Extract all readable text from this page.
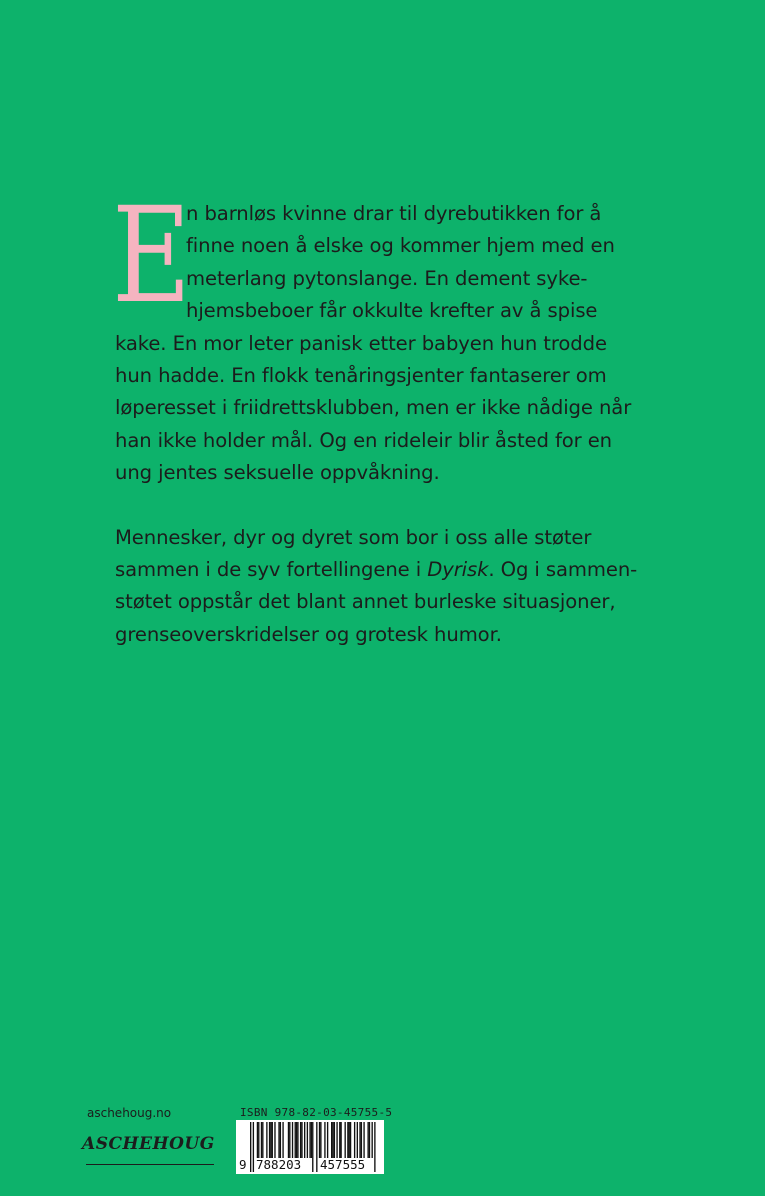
E

n barnløs kvinne drar til dyrebutikken for å

finne noen å elske og kommer hjem med en

meterlang pytonslange. En dement syke-

hjemsbeboer får okkulte krefter av å spise

kake. En mor leter panisk etter babyen hun trodde

hun hadde. En flokk tenåringsjenter fantaserer om

løperesset i friidrettsklubben, men er ikke nådige når

han ikke holder mål. Og en rideleir blir åsted for en

ung jentes seksuelle oppvåkning.

Mennesker, dyr og dyret som bor i oss alle støter

sammen i de syv fortellingene i Dyrisk. Og i sammen-

støtet oppstår det blant annet burleske situasjoner,

grenseoverskridelser og grotesk humor.

aschehoug.no
ASCHEHOUG
ISBN 978-82-03-45755-5
9 788203 457555
